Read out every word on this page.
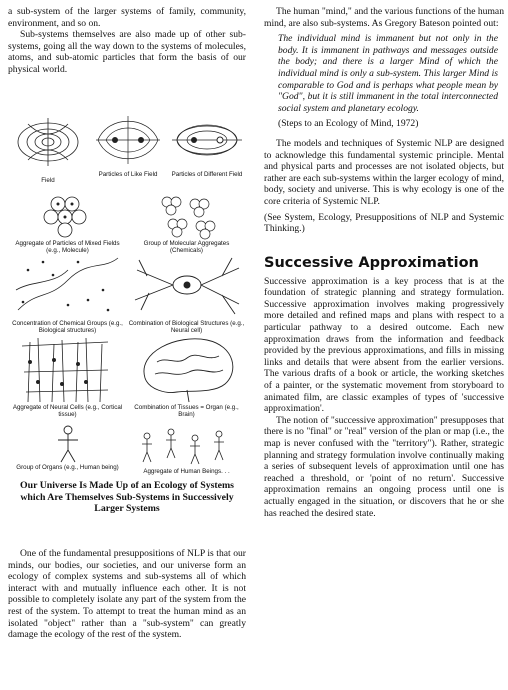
a sub-system of the larger systems of family, community, environment, and so on.

Sub-systems themselves are also made up of other sub-systems, going all the way down to the systems of molecules, atoms, and sub-atomic particles that form the basis of our physical world.

Field
Particles of Like Field	Particles of Different Field
Aggregate of Particles of Mixed Fields (e.g., Molecule)
Group of Molecular Aggregates (Chemicals)
Concentration of Chemical Groups (e.g., Biological structures)
Combination of Biological Structures (e.g., Neural cell)
Aggregate of Neural Cells (e.g., Cortical tissue)
Combination of Tissues = Organ (e.g., Brain)
Group of Organs (e.g., Human being)
Aggregate of Human Beings. . .
Our Universe Is Made Up of an Ecology of Systems which Are Themselves Sub-Systems in Successively Larger Systems

One of the fundamental presuppositions of NLP is that our minds, our bodies, our societies, and our universe form an ecology of complex systems and sub-systems all of which interact with and mutually influence each other. It is not possible to completely isolate any part of the system from the rest of the system. To attempt to treat the human mind as an isolated "object" rather than a "sub-system" can greatly damage the ecology of the rest of the system.

The human "mind," and the various functions of the human mind, are also sub-systems. As Gregory Bateson pointed out:

The individual mind is immanent but not only in the body. It is immanent in pathways and messages outside the body; and there is a larger Mind of which the individual mind is only a sub-system. This larger Mind is comparable to God and is perhaps what people mean by "God", but it is still immanent in the total interconnected social system and planetary ecology.

(Steps to an Ecology of Mind, 1972)

The models and techniques of Systemic NLP are designed to acknowledge this fundamental systemic principle. Mental and physical parts and processes are not isolated objects, but rather are each sub-systems within the larger ecology of mind, body, society and universe. This is why ecology is one of the core criteria of Systemic NLP.

(See System, Ecology, Presuppositions of NLP and Systemic Thinking.)

Successive Approximation

Successive approximation is a key process that is at the foundation of strategic planning and strategy formulation. Successive approximation involves making progressively more detailed and refined maps and plans with respect to a particular pathway to a desired outcome. Each new approximation draws from the information and feedback provided by the previous approximations, and fills in missing links and details that were absent from the earlier versions. The various drafts of a book or article, the working sketches of a painter, or the systematic movement from storyboard to animated film, are classic examples of types of 'successive approximation'.

The notion of "successive approximation" presupposes that there is no "final" or "real" version of the plan or map (i.e., the map is never confused with the "territory"). Rather, strategic planning and strategy formulation involve continually making a series of subsequent levels of approximation until one has reached a threshold, or 'point of no return'. Successive approximation remains an ongoing process until one is actually engaged in the situation, or discovers that he or she has reached the desired state.
